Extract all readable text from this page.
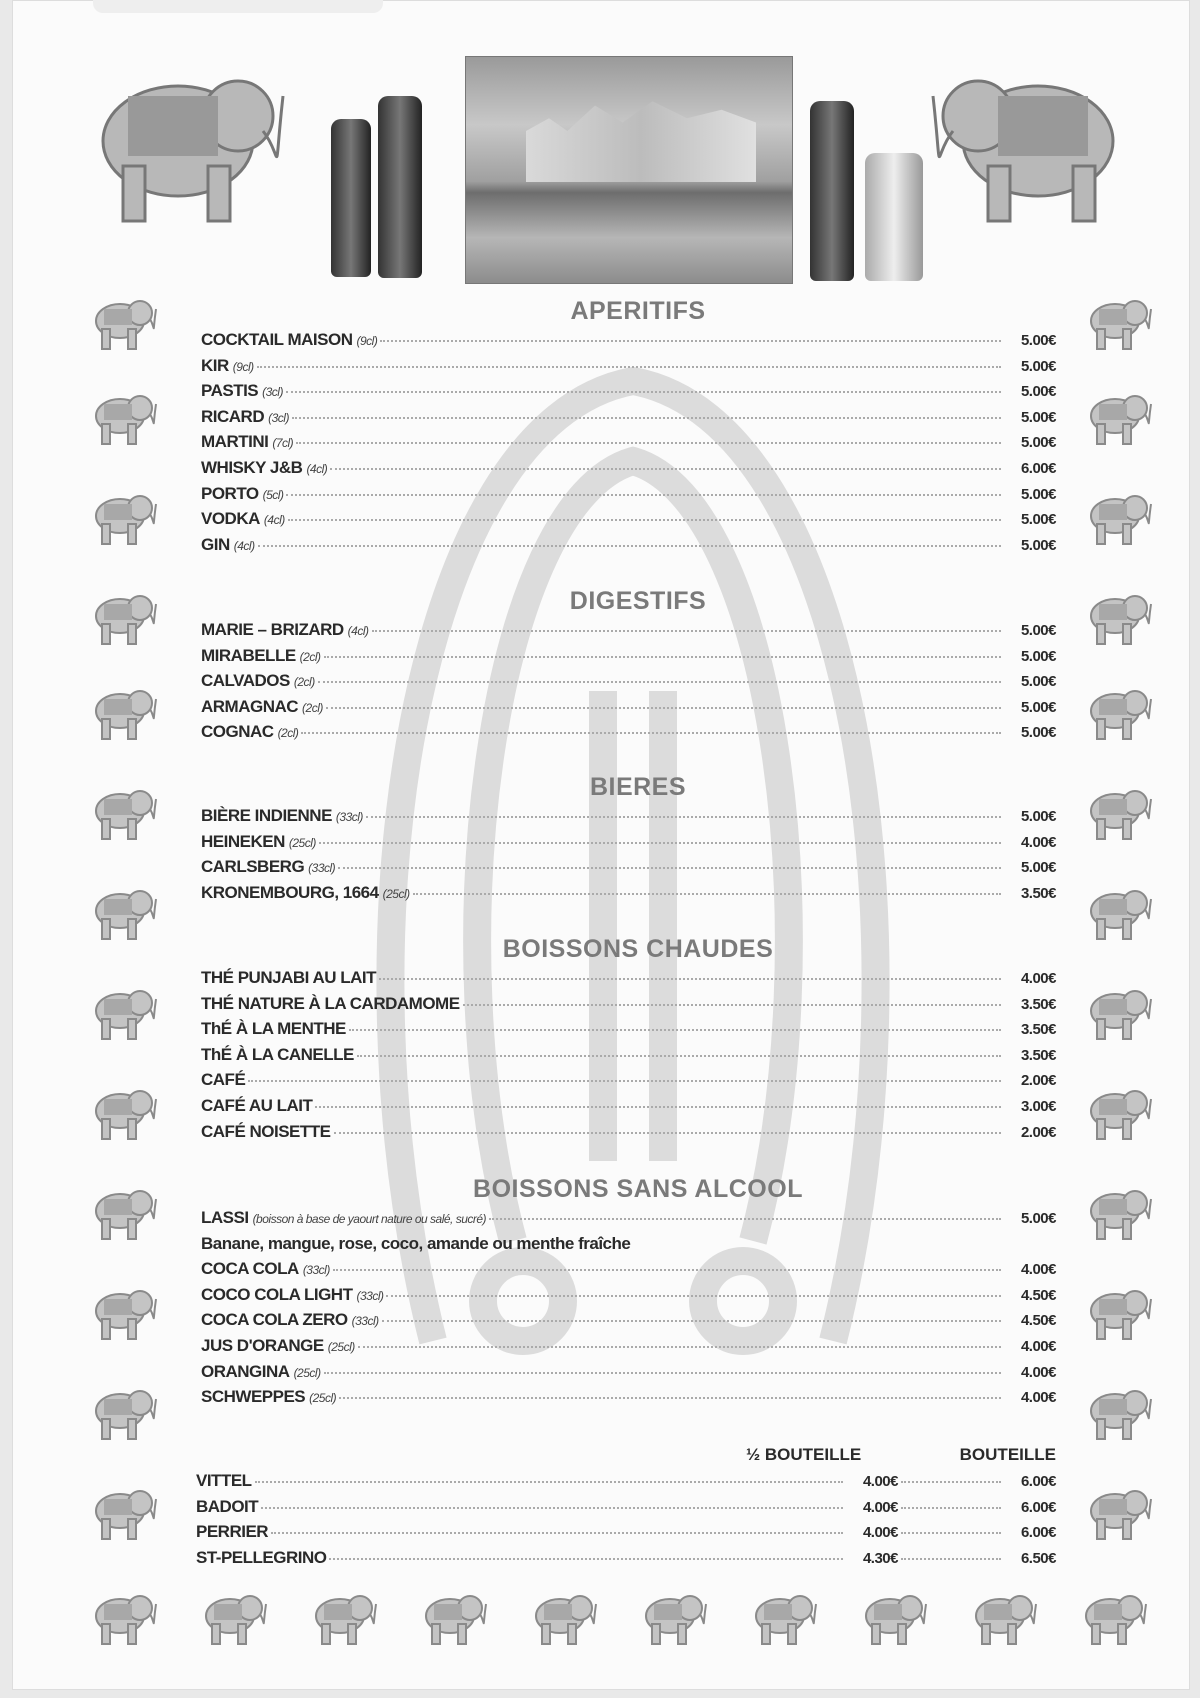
APERITIFS
COCKTAIL MAISON (9cl)	5.00€
KIR (9cl)	5.00€
PASTIS (3cl)	5.00€
RICARD (3cl)	5.00€
MARTINI (7cl)	5.00€
WHISKY J&B (4cl)	6.00€
PORTO (5cl)	5.00€
VODKA (4cl)	5.00€
GIN (4cl)	5.00€
DIGESTIFS
MARIE – BRIZARD (4cl)	5.00€
MIRABELLE (2cl)	5.00€
CALVADOS (2cl)	5.00€
ARMAGNAC (2cl)	5.00€
COGNAC (2cl)	5.00€
BIERES
BIÈRE INDIENNE (33cl)	5.00€
HEINEKEN (25cl)	4.00€
CARLSBERG (33cl)	5.00€
KRONEMBOURG, 1664 (25cl)	3.50€
BOISSONS CHAUDES
THÉ PUNJABI AU LAIT	4.00€
THÉ NATURE À LA CARDAMOME	3.50€
ThÉ À LA MENTHE	3.50€
ThÉ À LA CANELLE	3.50€
CAFÉ	2.00€
CAFÉ AU LAIT	3.00€
CAFÉ NOISETTE	2.00€
BOISSONS SANS ALCOOL
LASSI (boisson à base de yaourt nature ou salé, sucré)	5.00€
Banane, mangue, rose, coco, amande ou menthe fraîche
COCA COLA (33cl)	4.00€
COCO COLA LIGHT (33cl)	4.50€
COCA COLA ZERO (33cl)	4.50€
JUS D'ORANGE (25cl)	4.00€
ORANGINA (25cl)	4.00€
SCHWEPPES (25cl)	4.00€
½ BOUTEILLE	BOUTEILLE
VITTEL	4.00€	6.00€
BADOIT	4.00€	6.00€
PERRIER	4.00€	6.00€
ST-PELLEGRINO	4.30€	6.50€
